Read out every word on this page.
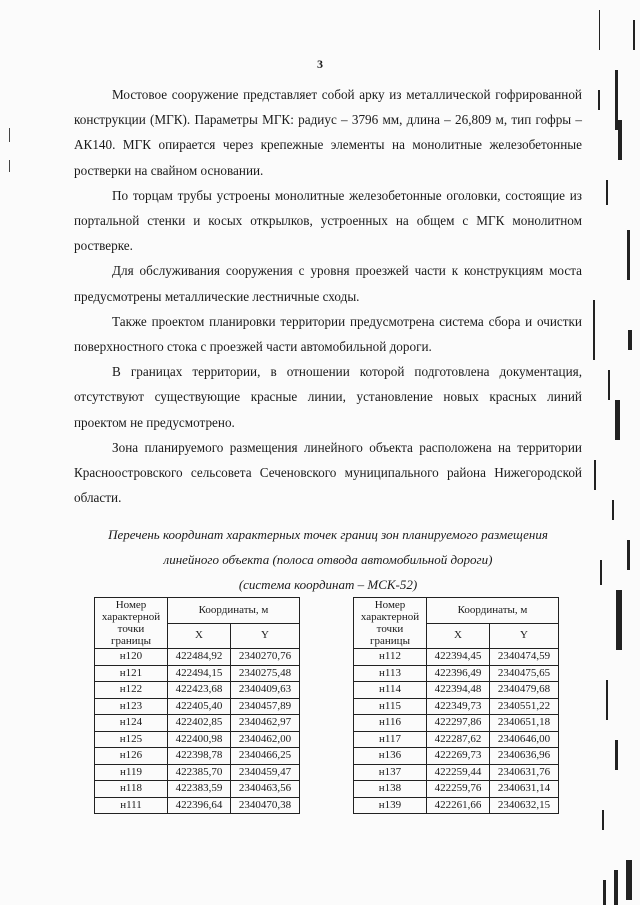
3

Мостовое сооружение представляет собой арку из металлической гофрированной конструкции (МГК). Параметры МГК: радиус – 3796 мм, длина – 26,809 м, тип гофры – АК140. МГК опирается через крепежные элементы на монолитные железобетонные ростверки на свайном основании.

По торцам трубы устроены монолитные железобетонные оголовки, состоящие из портальной стенки и косых открылков, устроенных на общем с МГК монолитном ростверке.

Для обслуживания сооружения с уровня проезжей части к конструкциям моста предусмотрены металлические лестничные сходы.

Также проектом планировки территории предусмотрена система сбора и очистки поверхностного стока с проезжей части автомобильной дороги.

В границах территории, в отношении которой подготовлена документация, отсутствуют существующие красные линии, установление новых красных линий проектом не предусмотрено.

Зона планируемого размещения линейного объекта расположена на территории Красноостровского сельсовета Сеченовского муниципального района Нижегородской области.

Перечень координат характерных точек границ зон планируемого размещения
линейного объекта (полоса отвода автомобильной дороги)
(система координат – МСК-52)
Номер характерной точки границы	Координаты, м	
	X	Y
н120	422484,92	2340270,76
н121	422494,15	2340275,48
н122	422423,68	2340409,63
н123	422405,40	2340457,89
н124	422402,85	2340462,97
н125	422400,98	2340462,00
н126	422398,78	2340466,25
н119	422385,70	2340459,47
н118	422383,59	2340463,56
н111	422396,64	2340470,38
Номер характерной точки границы	Координаты, м	
	X	Y
н112	422394,45	2340474,59
н113	422396,49	2340475,65
н114	422394,48	2340479,68
н115	422349,73	2340551,22
н116	422297,86	2340651,18
н117	422287,62	2340646,00
н136	422269,73	2340636,96
н137	422259,44	2340631,76
н138	422259,76	2340631,14
н139	422261,66	2340632,15
